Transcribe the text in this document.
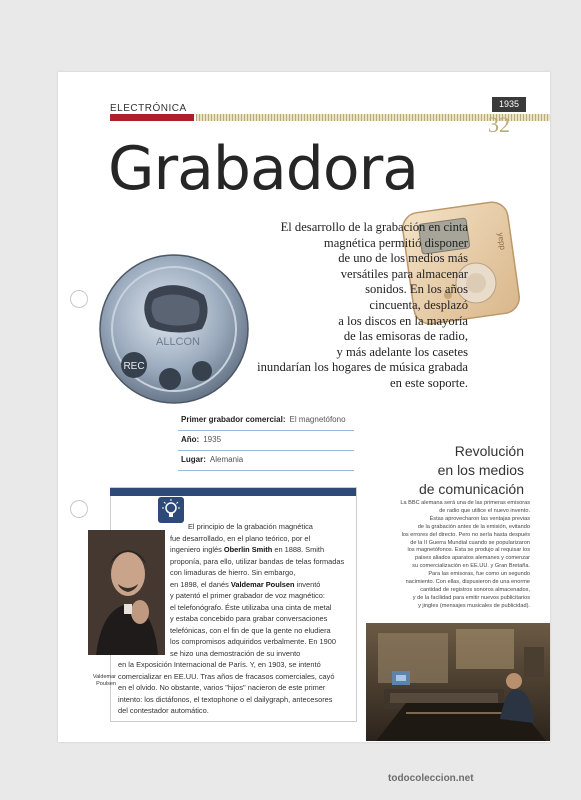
ELECTRÓNICA	1935
32
Grabadora
REC
ALLCON
yepp
El desarrollo de la grabación en cinta
magnética permitió disponer
de uno de los medios más
versátiles para almacenar
sonidos. En los años
cincuenta, desplazó
a los discos en la mayoría
de las emisoras de radio,
y más adelante los casetes
inundarían los hogares de música grabada
en este soporte.
Primer grabador comercial: El magnetófono
Año: 1935
Lugar: Alemania
Valdemar
Poulsen
El principio de la grabación magnética
fue desarrollado, en el plano teórico, por el
ingeniero inglés Oberlin Smith en 1888. Smith
proponía, para ello, utilizar bandas de telas formadas
con limaduras de hierro. Sin embargo,
en 1898, el danés Valdemar Poulsen inventó
y patentó el primer grabador de voz magnético:
el telefonógrafo. Éste utilizaba una cinta de metal
y estaba concebido para grabar conversaciones
telefónicas, con el fin de que la gente no eludiera
los compromisos adquiridos verbalmente. En 1900
se hizo una demostración de su invento
en la Exposición Internacional de París. Y, en 1903, se intentó
comercializar en EE.UU. Tras años de fracasos comerciales, cayó
en el olvido. No obstante, varios "hijos" nacieron de este primer
intento: los dictáfonos, el textophone o el dailygraph, antecesores
del contestador automático.
Revolución
en los medios
de comunicación
La BBC alemana será una de las primeras emisoras
de radio que utilice el nuevo invento.
Éstas aprovecharon las ventajas previas
de la grabación antes de la emisión, evitando
los errores del directo. Pero no sería hasta después
de la II Guerra Mundial cuando se popularizaron
los magnetófonos. Esta se produjo al requisar los
paises aliados aparatos alemanes y comenzar
su comercialización en EE.UU. y Gran Bretaña.
Para las emisoras, fue como un segundo
nacimiento. Con ellas, dispusieron de una enorme
cantidad de registros sonoros almacenados,
y de la facilidad para emitir nuevos publicitarios
y jingles (mensajes musicales de publicidad).
todocoleccion.net
